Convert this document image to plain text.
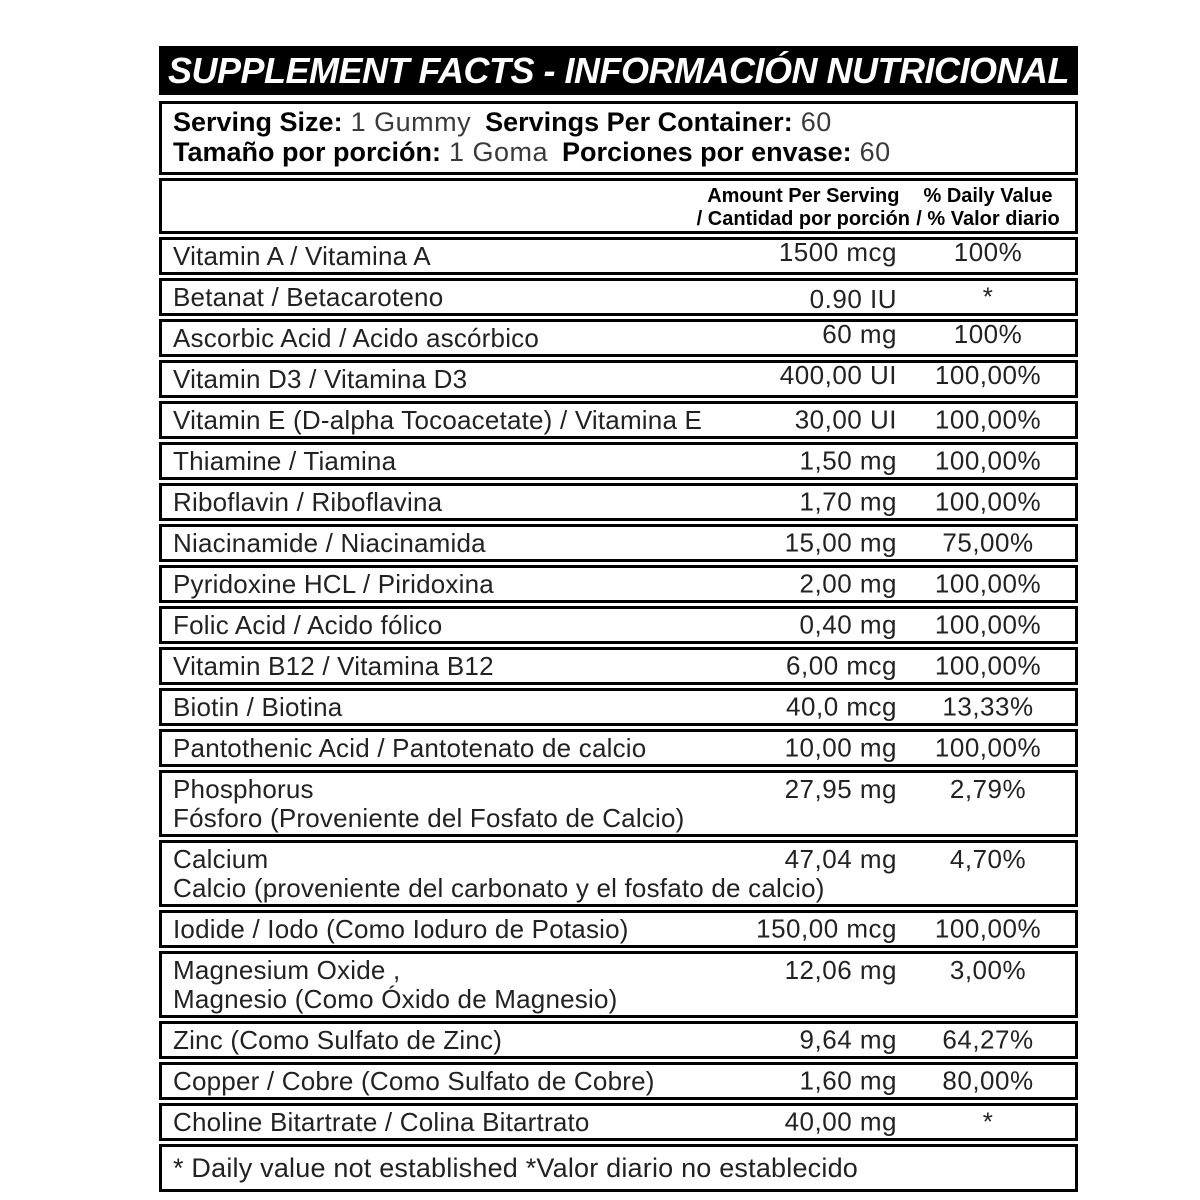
SUPPLEMENT FACTS - INFORMACIÓN NUTRICIONAL
Serving Size: 1 Gummy Servings Per Container: 60
Tamaño por porción: 1 Goma Porciones por envase: 60
Amount Per Serving
/ Cantidad por porción
% Daily Value
/ % Valor diario
Vitamin A / Vitamina A	1500 mcg	100%
Betanat / Betacaroteno	0.90 IU	*
Ascorbic Acid / Acido ascórbico	60 mg	100%
Vitamin D3 / Vitamina D3	400,00 UI	100,00%
Vitamin E (D-alpha Tocoacetate) / Vitamina E	30,00 UI	100,00%
Thiamine / Tiamina	1,50 mg	100,00%
Riboflavin / Riboflavina	1,70 mg	100,00%
Niacinamide / Niacinamida	15,00 mg	75,00%
Pyridoxine HCL / Piridoxina	2,00 mg	100,00%
Folic Acid / Acido fólico	0,40 mg	100,00%
Vitamin B12 / Vitamina B12	6,00 mcg	100,00%
Biotin / Biotina	40,0 mcg	13,33%
Pantothenic Acid / Pantotenato de calcio	10,00 mg	100,00%
Phosphorus
Fósforo (Proveniente del Fosfato de Calcio)
27,95 mg	2,79%
Calcium
Calcio (proveniente del carbonato y el fosfato de calcio)
47,04 mg	4,70%
Iodide / Iodo (Como Ioduro de Potasio)	150,00 mcg	100,00%
Magnesium Oxide ,
Magnesio (Como Óxido de Magnesio)
12,06 mg	3,00%
Zinc (Como Sulfato de Zinc)	9,64 mg	64,27%
Copper / Cobre (Como Sulfato de Cobre)	1,60 mg	80,00%
Choline Bitartrate / Colina Bitartrato	40,00 mg	*
* Daily value not established *Valor diario no establecido
